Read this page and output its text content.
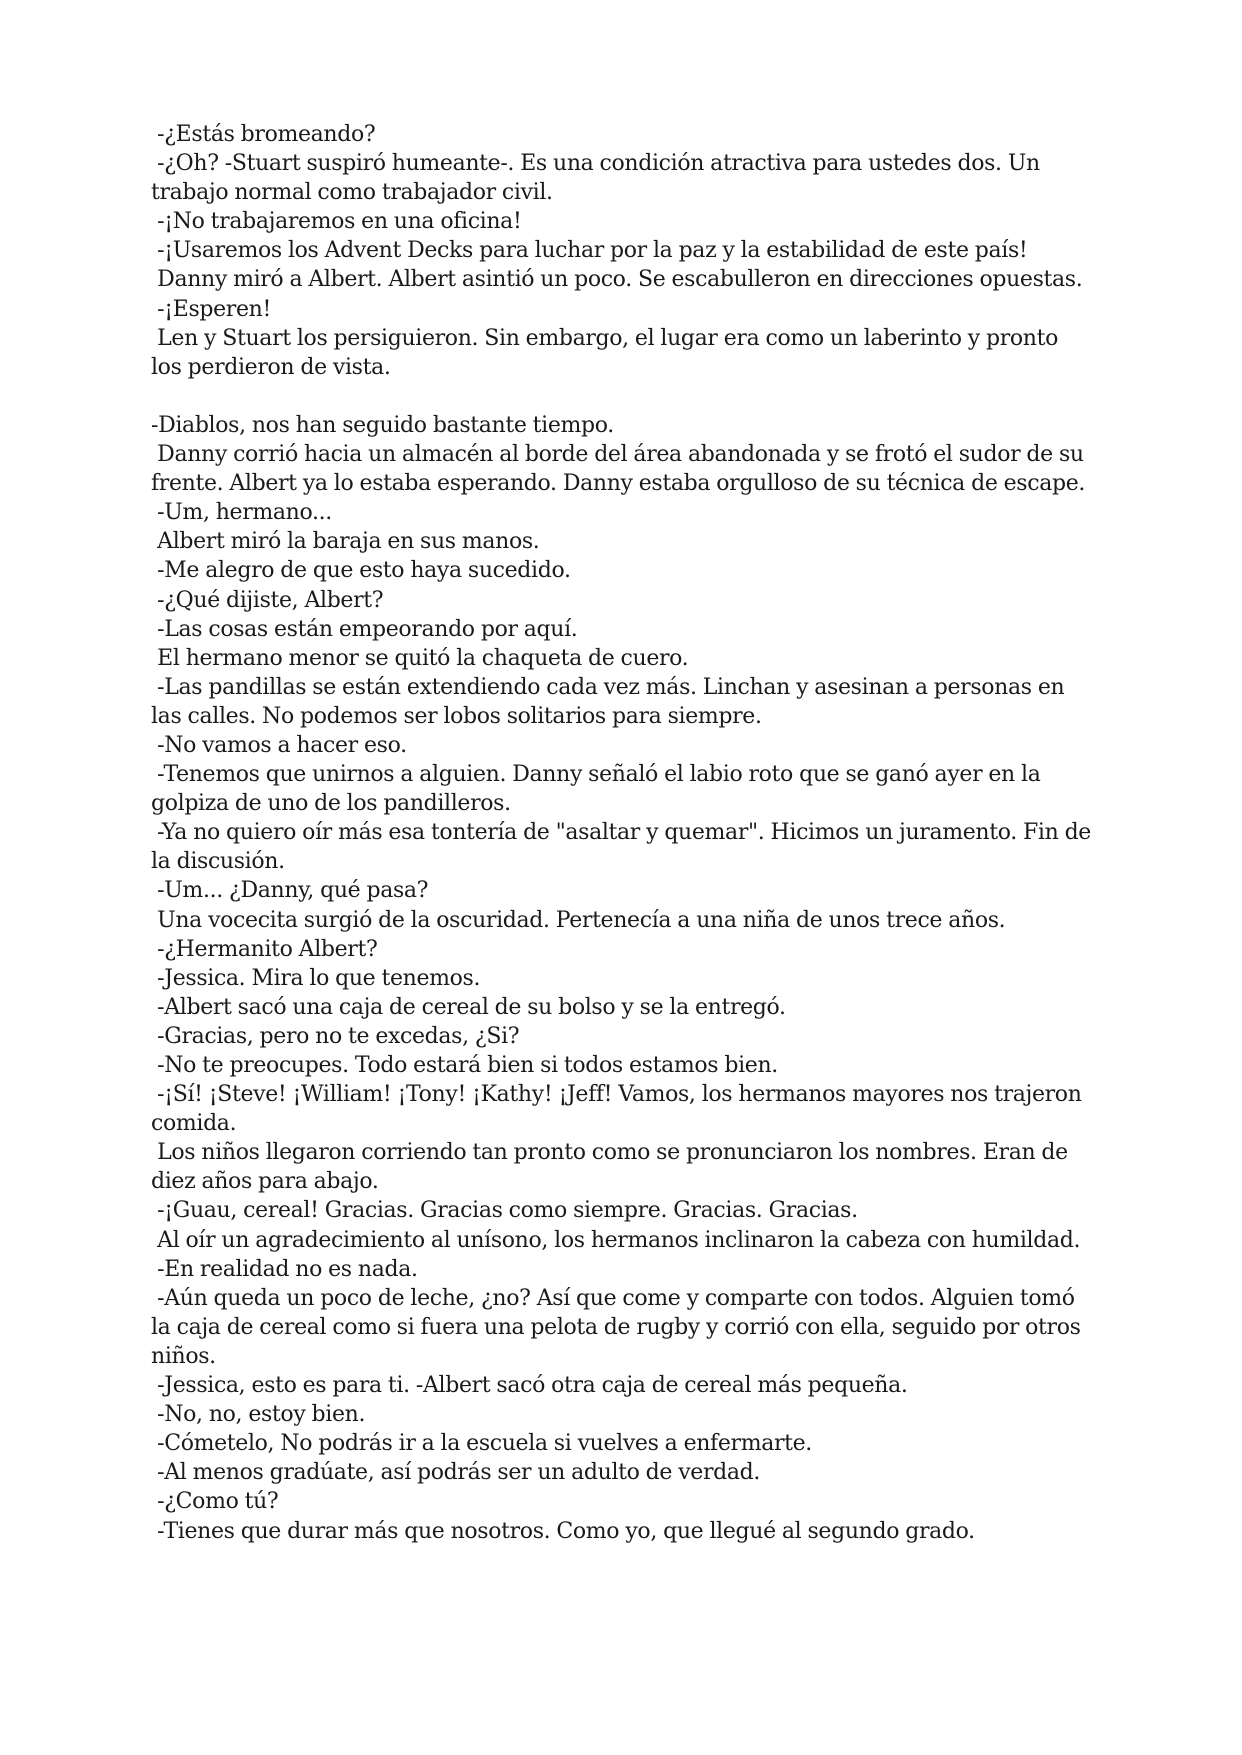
-¿Estás bromeando?

-¿Oh? -Stuart suspiró humeante-. Es una condición atractiva para ustedes dos. Un trabajo normal como trabajador civil.

-¡No trabajaremos en una oficina!

-¡Usaremos los Advent Decks para luchar por la paz y la estabilidad de este país!

Danny miró a Albert. Albert asintió un poco. Se escabulleron en direcciones opuestas.

-¡Esperen!

Len y Stuart los persiguieron. Sin embargo, el lugar era como un laberinto y pronto los perdieron de vista.

-Diablos, nos han seguido bastante tiempo.

Danny corrió hacia un almacén al borde del área abandonada y se frotó el sudor de su frente. Albert ya lo estaba esperando. Danny estaba orgulloso de su técnica de escape.

-Um, hermano...

Albert miró la baraja en sus manos.

-Me alegro de que esto haya sucedido.

-¿Qué dijiste, Albert?

-Las cosas están empeorando por aquí.

El hermano menor se quitó la chaqueta de cuero.

-Las pandillas se están extendiendo cada vez más. Linchan y asesinan a personas en las calles. No podemos ser lobos solitarios para siempre.

-No vamos a hacer eso.

-Tenemos que unirnos a alguien. Danny señaló el labio roto que se ganó ayer en la golpiza de uno de los pandilleros.

-Ya no quiero oír más esa tontería de "asaltar y quemar". Hicimos un juramento. Fin de la discusión.

-Um... ¿Danny, qué pasa?

Una vocecita surgió de la oscuridad. Pertenecía a una niña de unos trece años.

-¿Hermanito Albert?

-Jessica. Mira lo que tenemos.

-Albert sacó una caja de cereal de su bolso y se la entregó.

-Gracias, pero no te excedas, ¿Si?

-No te preocupes. Todo estará bien si todos estamos bien.

-¡Sí! ¡Steve! ¡William! ¡Tony! ¡Kathy! ¡Jeff! Vamos, los hermanos mayores nos trajeron comida.

Los niños llegaron corriendo tan pronto como se pronunciaron los nombres. Eran de diez años para abajo.

-¡Guau, cereal! Gracias. Gracias como siempre. Gracias. Gracias.

Al oír un agradecimiento al unísono, los hermanos inclinaron la cabeza con humildad.

-En realidad no es nada.

-Aún queda un poco de leche, ¿no? Así que come y comparte con todos. Alguien tomó la caja de cereal como si fuera una pelota de rugby y corrió con ella, seguido por otros niños.

-Jessica, esto es para ti. -Albert sacó otra caja de cereal más pequeña.

-No, no, estoy bien.

-Cómetelo, No podrás ir a la escuela si vuelves a enfermarte.

-Al menos gradúate, así podrás ser un adulto de verdad.

-¿Como tú?

-Tienes que durar más que nosotros. Como yo, que llegué al segundo grado.
